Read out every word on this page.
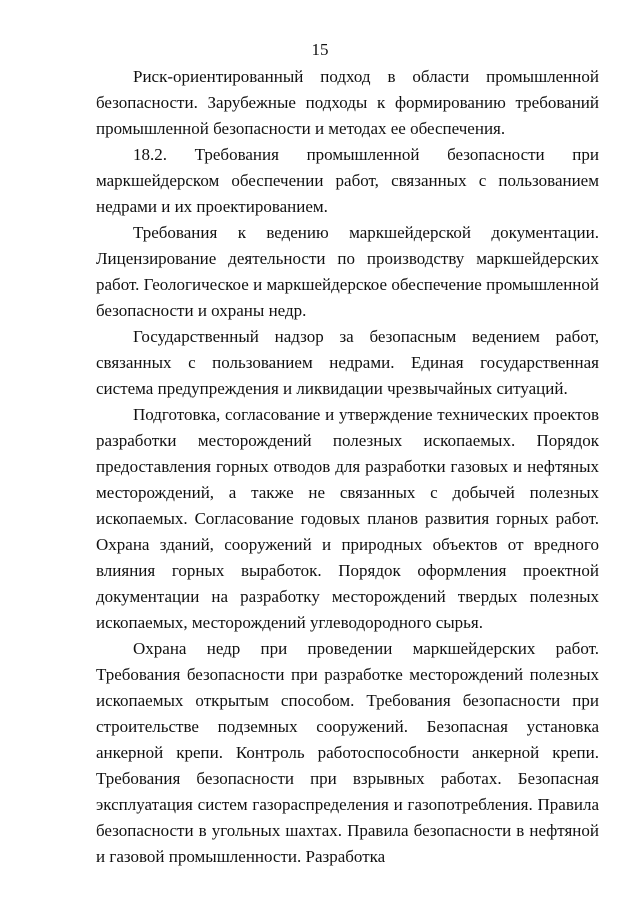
15

Риск-ориентированный подход в области промышленной безопасности. Зарубежные подходы к формированию требований промышленной безопасности и методах ее обеспечения.

18.2. Требования промышленной безопасности при маркшейдерском обеспечении работ, связанных с пользованием недрами и их проектированием.

Требования к ведению маркшейдерской документации. Лицензирование деятельности по производству маркшейдерских работ. Геологическое и маркшейдерское обеспечение промышленной безопасности и охраны недр.

Государственный надзор за безопасным ведением работ, связанных с пользованием недрами. Единая государственная система предупреждения и ликвидации чрезвычайных ситуаций.

Подготовка, согласование и утверждение технических проектов разработки месторождений полезных ископаемых. Порядок предоставления горных отводов для разработки газовых и нефтяных месторождений, а также не связанных с добычей полезных ископаемых. Согласование годовых планов развития горных работ. Охрана зданий, сооружений и природных объектов от вредного влияния горных выработок. Порядок оформления проектной документации на разработку месторождений твердых полезных ископаемых, месторождений углеводородного сырья.

Охрана недр при проведении маркшейдерских работ. Требования безопасности при разработке месторождений полезных ископаемых открытым способом. Требования безопасности при строительстве подземных сооружений. Безопасная установка анкерной крепи. Контроль работоспособности анкерной крепи. Требования безопасности при взрывных работах. Безопасная эксплуатация систем газораспределения и газопотребления. Правила безопасности в угольных шахтах. Правила безопасности в нефтяной и газовой промышленности. Разработка
